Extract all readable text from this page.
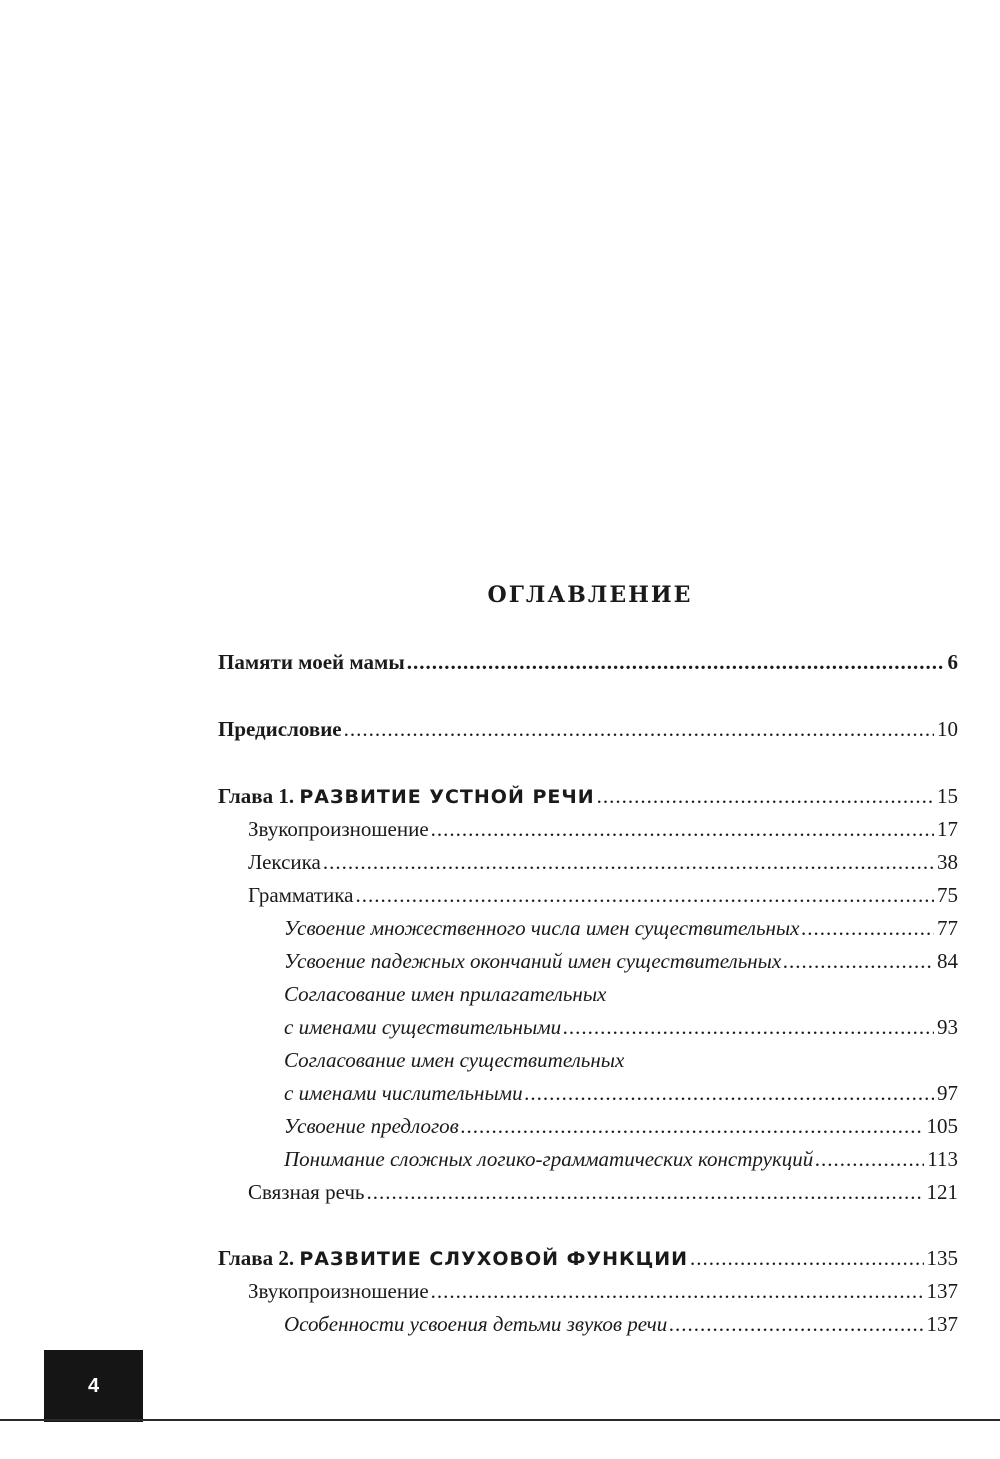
ОГЛАВЛЕНИЕ
Памяти моей мамы .....	6
Предисловие .....	10
Глава 1. РАЗВИТИЕ УСТНОЙ РЕЧИ .....	15
Звукопроизношение .....	17
Лексика .....	38
Грамматика .....	75
Усвоение множественного числа имен существительных .....	77
Усвоение падежных окончаний имен существительных .....	84
Согласование имен прилагательных
с именами существительными .....	93
Согласование имен существительных
с именами числительными .....	97
Усвоение предлогов .....	105
Понимание сложных логико-грамматических конструкций .....	113
Связная речь .....	121
Глава 2. РАЗВИТИЕ СЛУХОВОЙ ФУНКЦИИ .....	135
Звукопроизношение .....	137
Особенности усвоения детьми звуков речи .....	137
4
